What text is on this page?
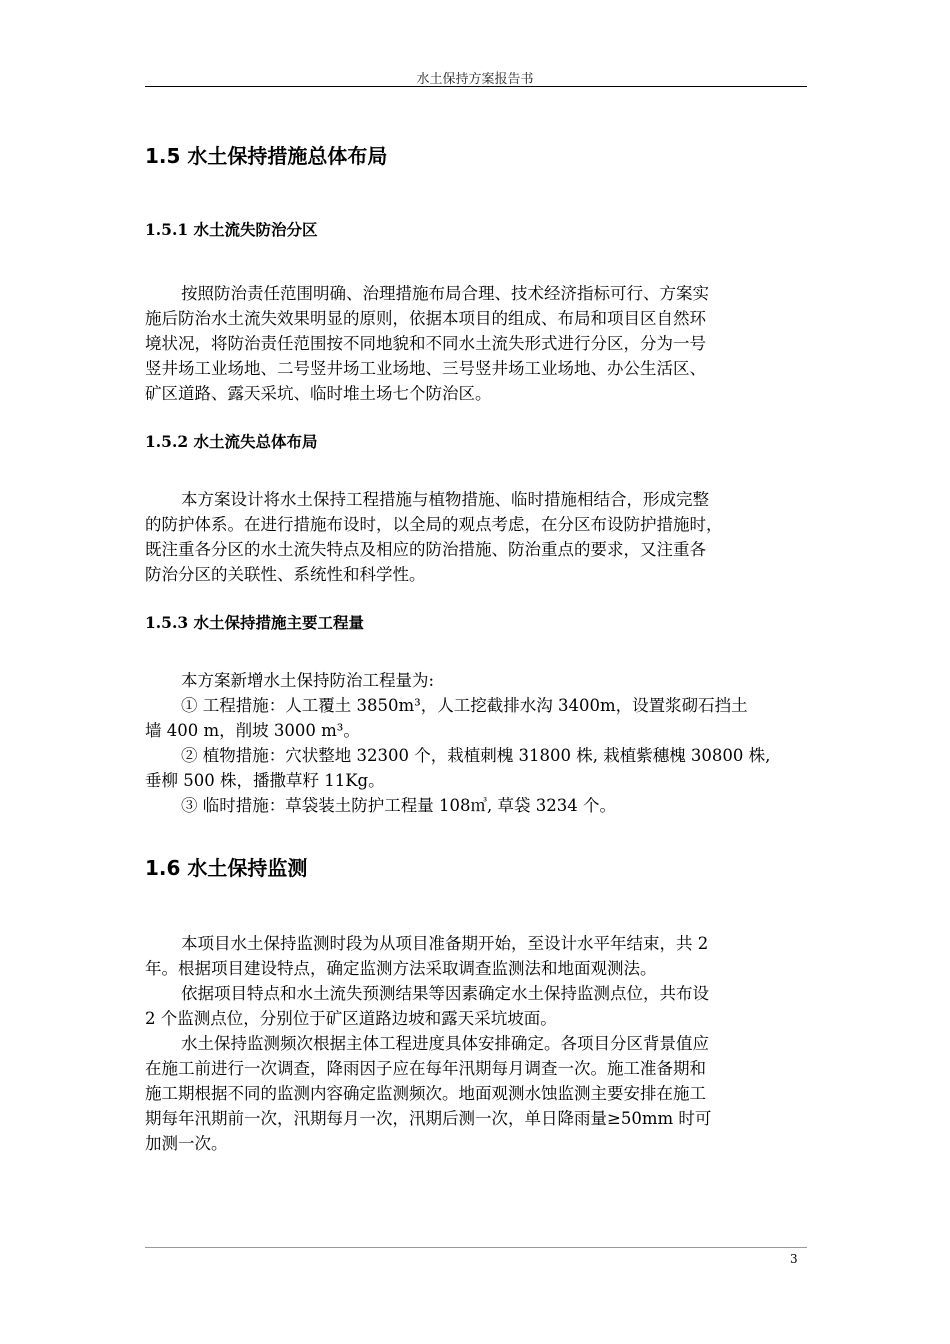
水土保持方案报告书
1.5 水土保持措施总体布局
1.5.1 水土流失防治分区
按照防治责任范围明确、治理措施布局合理、技术经济指标可行、方案实
施后防治水土流失效果明显的原则，依据本项目的组成、布局和项目区自然环
境状况，将防治责任范围按不同地貌和不同水土流失形式进行分区，分为一号
竖井场工业场地、二号竖井场工业场地、三号竖井场工业场地、办公生活区、
矿区道路、露天采坑、临时堆土场七个防治区。
1.5.2 水土流失总体布局
本方案设计将水土保持工程措施与植物措施、临时措施相结合，形成完整
的防护体系。在进行措施布设时，以全局的观点考虑，在分区布设防护措施时，
既注重各分区的水土流失特点及相应的防治措施、防治重点的要求，又注重各
防治分区的关联性、系统性和科学性。
1.5.3 水土保持措施主要工程量
本方案新增水土保持防治工程量为:
① 工程措施：人工覆土 3850m³，人工挖截排水沟 3400m，设置浆砌石挡土
墙 400 m，削坡 3000 m³。
② 植物措施：穴状整地 32300 个，栽植刺槐 31800 株, 栽植紫穗槐 30800 株,
垂柳 500 株，播撒草籽 11Kg。
③ 临时措施：草袋装土防护工程量 108㎥, 草袋 3234 个。
1.6 水土保持监测
本项目水土保持监测时段为从项目准备期开始，至设计水平年结束，共 2
年。根据项目建设特点，确定监测方法采取调查监测法和地面观测法。
依据项目特点和水土流失预测结果等因素确定水土保持监测点位，共布设
2 个监测点位，分别位于矿区道路边坡和露天采坑坡面。
水土保持监测频次根据主体工程进度具体安排确定。各项目分区背景值应
在施工前进行一次调查，降雨因子应在每年汛期每月调查一次。施工准备期和
施工期根据不同的监测内容确定监测频次。地面观测水蚀监测主要安排在施工
期每年汛期前一次，汛期每月一次，汛期后测一次，单日降雨量≥50mm 时可
加测一次。
3
